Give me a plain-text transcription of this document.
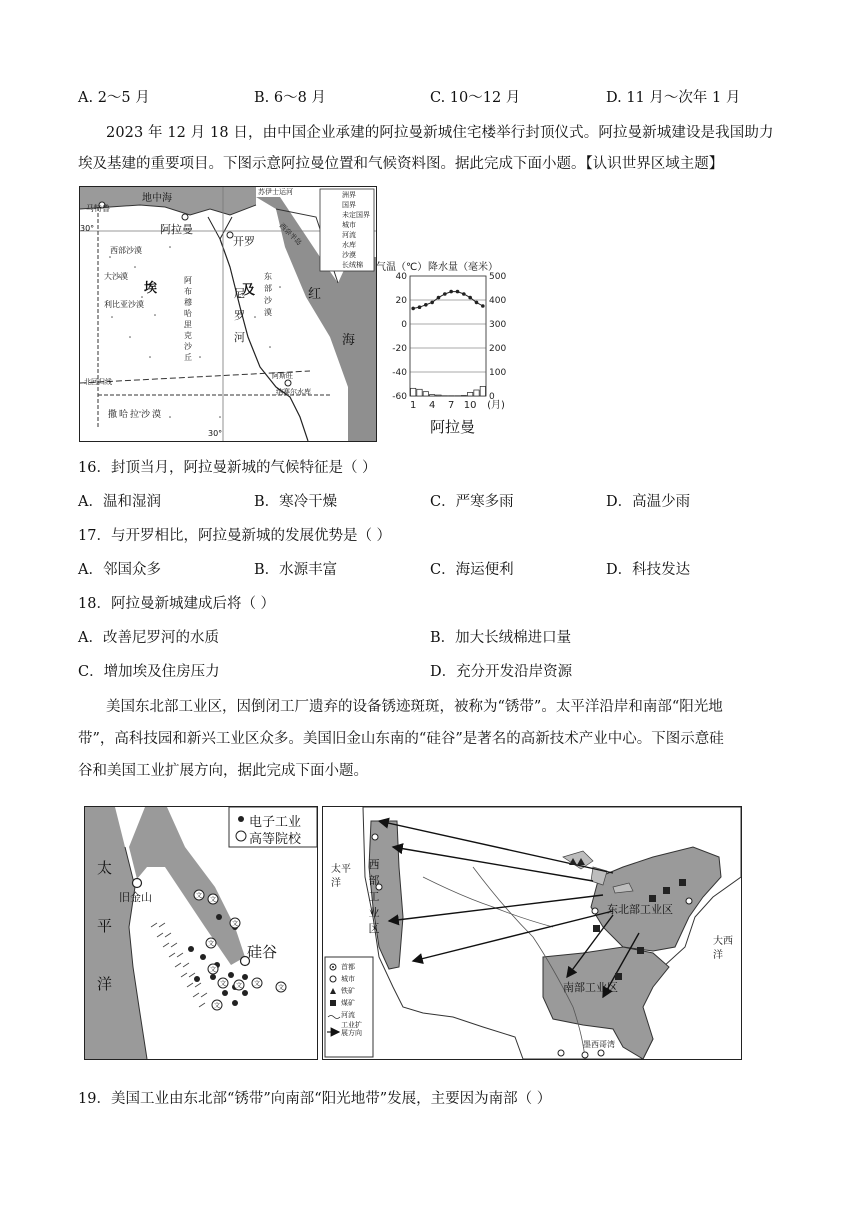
A. 2～5 月	B. 6～8 月	C. 10～12 月	D. 11 月～次年 1 月
2023 年 12 月 18 日，由中国企业承建的阿拉曼新城住宅楼举行封顶仪式。阿拉曼新城建设是我国助力
埃及基建的重要项目。下图示意阿拉曼位置和气候资料图。据此完成下面小题。【认识世界区域主题】
地中海
苏伊士运河
马特鲁
阿拉曼
开罗
30°
30°
西部沙漠
大沙漠
利比亚沙漠
埃	及
阿布穆哈里克沙丘
东部沙漠
尼罗河
红
海
西奈半岛
阿斯旺
纳赛尔水库
北回归线
撒哈拉沙漠
洲界
国界
未定国界
城市
河流
水库
沙漠
长绒棉
40
20
0
-20
-40
-60
500
400
300
200
100
0
1 4 7 10 (月)
气温（℃） 降水量（毫米）
阿拉曼
16．封顶当月，阿拉曼新城的气候特征是（ ）
A．温和湿润	B．寒冷干燥	C．严寒多雨	D．高温少雨
17．与开罗相比，阿拉曼新城的发展优势是（ ）
A．邻国众多	B．水源丰富	C．海运便利	D．科技发达
18．阿拉曼新城建成后将（ ）
A．改善尼罗河的水质	B．加大长绒棉进口量
C．增加埃及住房压力	D．充分开发沿岸资源
美国东北部工业区，因倒闭工厂遗弃的设备锈迹斑斑，被称为“锈带”。太平洋沿岸和南部“阳光地
带”，高科技园和新兴工业区众多。美国旧金山东南的“硅谷”是著名的高新技术产业中心。下图示意硅
谷和美国工业扩展方向，据此完成下面小题。
文
文
文
文
文
文	文
文
文
文
电子工业
高等院校
太
平
洋
旧金山
硅谷
太平
洋
大西
洋
西
部
工
业
区
东北部工业区
南部工业区
墨西哥湾
首都
城市
铁矿
煤矿
河流
工业扩展方向
19．美国工业由东北部“锈带”向南部“阳光地带”发展，主要因为南部（ ）
